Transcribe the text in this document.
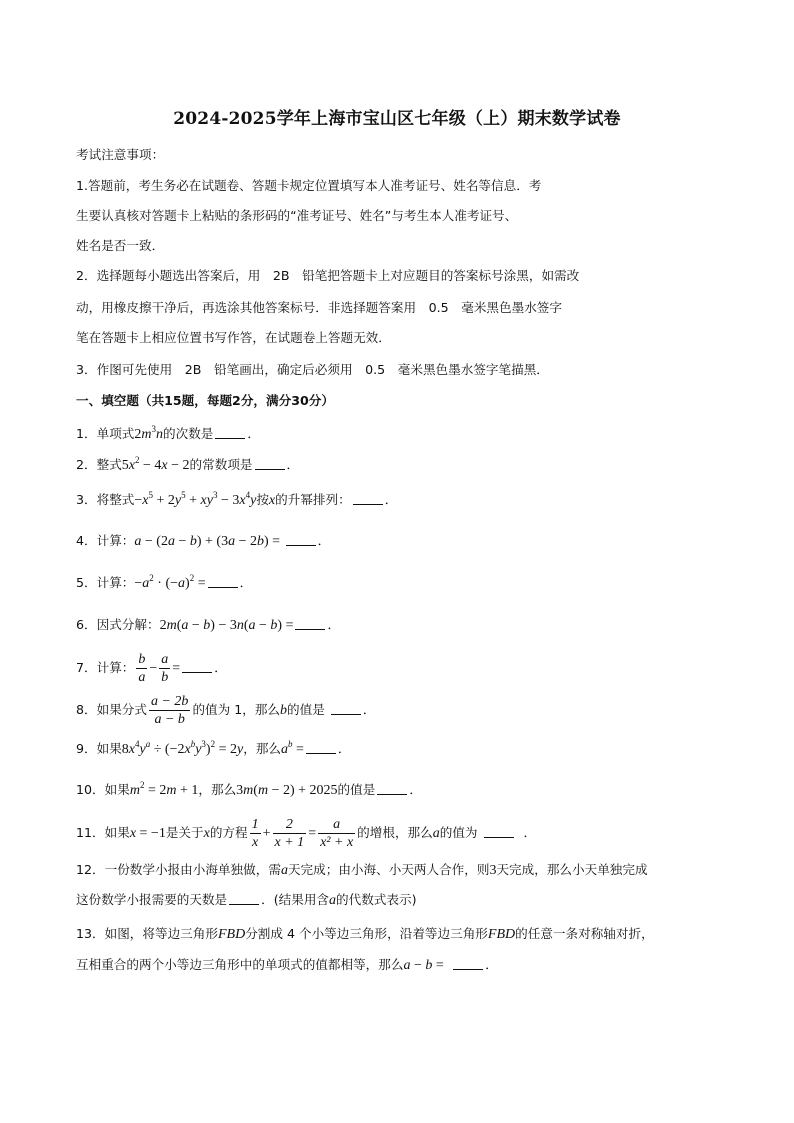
2024-2025学年上海市宝山区七年级（上）期末数学试卷
考试注意事项：
1.答题前，考生务必在试题卷、答题卡规定位置填写本人准考证号、姓名等信息．考
生要认真核对答题卡上粘贴的条形码的“准考证号、姓名”与考生本人准考证号、
姓名是否一致．
2．选择题每小题选出答案后，用　2B　铅笔把答题卡上对应题目的答案标号涂黑，如需改
动，用橡皮擦干净后，再选涂其他答案标号．非选择题答案用　0.5　毫米黑色墨水签字
笔在答题卡上相应位置书写作答，在试题卷上答题无效．
3．作图可先使用　2B　铅笔画出，确定后必须用　0.5　毫米黑色墨水签字笔描黑．
一、填空题（共15题，每题2分，满分30分）
1．单项式$2m^3n$的次数是	．
2．整式$5x^2 - 4x - 2$的常数项是	．
3．将整式$-x^5 + 2y^5 + xy^3 - 3x^4y$按x的升幂排列：	．
4．计算：a − (2a − b) + (3a − 2b) =	．
5．计算：$-a^2 \cdot (-a)^2$ =	．
6．因式分解：2m(a − b) − 3n(a − b) =	．
7．计算： $\frac{b}{a} - \frac{a}{b}$ =	．
8．如果分式 $\frac{a - 2b}{a - b}$ 的值为 1，那么b的值是	．
9．如果$8x^4y^a \div (-2x^by^3)^2 = 2y$，那么$a^b$ =	．
10．如果$m^2 = 2m + 1$，那么3m(m − 2) + 2025的值是	．
11．如果x = −1是关于x的方程 $\frac{1}{x} + \frac{2}{x + 1} = \frac{a}{\text{x² + x}}$ 的增根，那么a的值为	．
12．一份数学小报由小海单独做，需a天完成；由小海、小天两人合作，则3天完成，那么小天单独完成
这份数学小报需要的天数是	．(结果用含a的代数式表示)
13．如图，将等边三角形FBD分割成 4 个小等边三角形，沿着等边三角形FBD的任意一条对称轴对折，
互相重合的两个小等边三角形中的单项式的值都相等，那么a − b =	．
